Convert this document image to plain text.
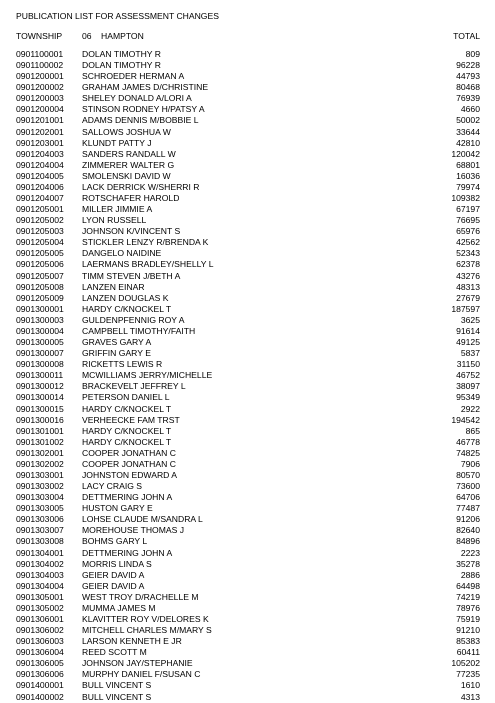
PUBLICATION LIST FOR ASSESSMENT CHANGES
TOWNSHIP 06 HAMPTON	TOTAL
0901100001 DOLAN TIMOTHY R	809
0901100002 DOLAN TIMOTHY R	96228
0901200001 SCHROEDER HERMAN A	44793
0901200002 GRAHAM JAMES D/CHRISTINE	80468
0901200003 SHELEY DONALD A/LORI A	76939
0901200004 STINSON RODNEY H/PATSY A	4660
0901201001 ADAMS DENNIS M/BOBBIE L	50002
0901202001 SALLOWS JOSHUA W	33644
0901203001 KLUNDT PATTY J	42810
0901204003 SANDERS RANDALL W	120042
0901204004 ZIMMERER WALTER G	68801
0901204005 SMOLENSKI DAVID W	16036
0901204006 LACK DERRICK W/SHERRI R	79974
0901204007 ROTSCHAFER HAROLD	109382
0901205001 MILLER JIMMIE A	67197
0901205002 LYON RUSSELL	76695
0901205003 JOHNSON K/VINCENT S	65976
0901205004 STICKLER LENZY R/BRENDA K	42562
0901205005 DANGELO NAIDINE	52343
0901205006 LAERMANS BRADLEY/SHELLY L	62378
0901205007 TIMM STEVEN J/BETH A	43276
0901205008 LANZEN EINAR	48313
0901205009 LANZEN DOUGLAS K	27679
0901300001 HARDY C/KNOCKEL T	187597
0901300003 GULDENPFENNIG ROY A	3625
0901300004 CAMPBELL TIMOTHY/FAITH	91614
0901300005 GRAVES GARY A	49125
0901300007 GRIFFIN GARY E	5837
0901300008 RICKETTS LEWIS R	31150
0901300011 MCWILLIAMS JERRY/MICHELLE	46752
0901300012 BRACKEVELT JEFFREY L	38097
0901300014 PETERSON DANIEL L	95349
0901300015 HARDY C/KNOCKEL T	2922
0901300016 VERHEECKE FAM TRST	194542
0901301001 HARDY C/KNOCKEL T	865
0901301002 HARDY C/KNOCKEL T	46778
0901302001 COOPER JONATHAN C	74825
0901302002 COOPER JONATHAN C	7906
0901303001 JOHNSTON EDWARD A	80570
0901303002 LACY CRAIG S	73600
0901303004 DETTMERING JOHN A	64706
0901303005 HUSTON GARY E	77487
0901303006 LOHSE CLAUDE M/SANDRA L	91206
0901303007 MOREHOUSE THOMAS J	82640
0901303008 BOHMS GARY L	84896
0901304001 DETTMERING JOHN A	2223
0901304002 MORRIS LINDA S	35278
0901304003 GEIER DAVID A	2886
0901304004 GEIER DAVID A	64498
0901305001 WEST TROY D/RACHELLE M	74219
0901305002 MUMMA JAMES M	78976
0901306001 KLAVITTER ROY V/DELORES K	75919
0901306002 MITCHELL CHARLES M/MARY S	91210
0901306003 LARSON KENNETH E JR	85383
0901306004 REED SCOTT M	60411
0901306005 JOHNSON JAY/STEPHANIE	105202
0901306006 MURPHY DANIEL F/SUSAN C	77235
0901400001 BULL VINCENT S	1610
0901400002 BULL VINCENT S	4313
